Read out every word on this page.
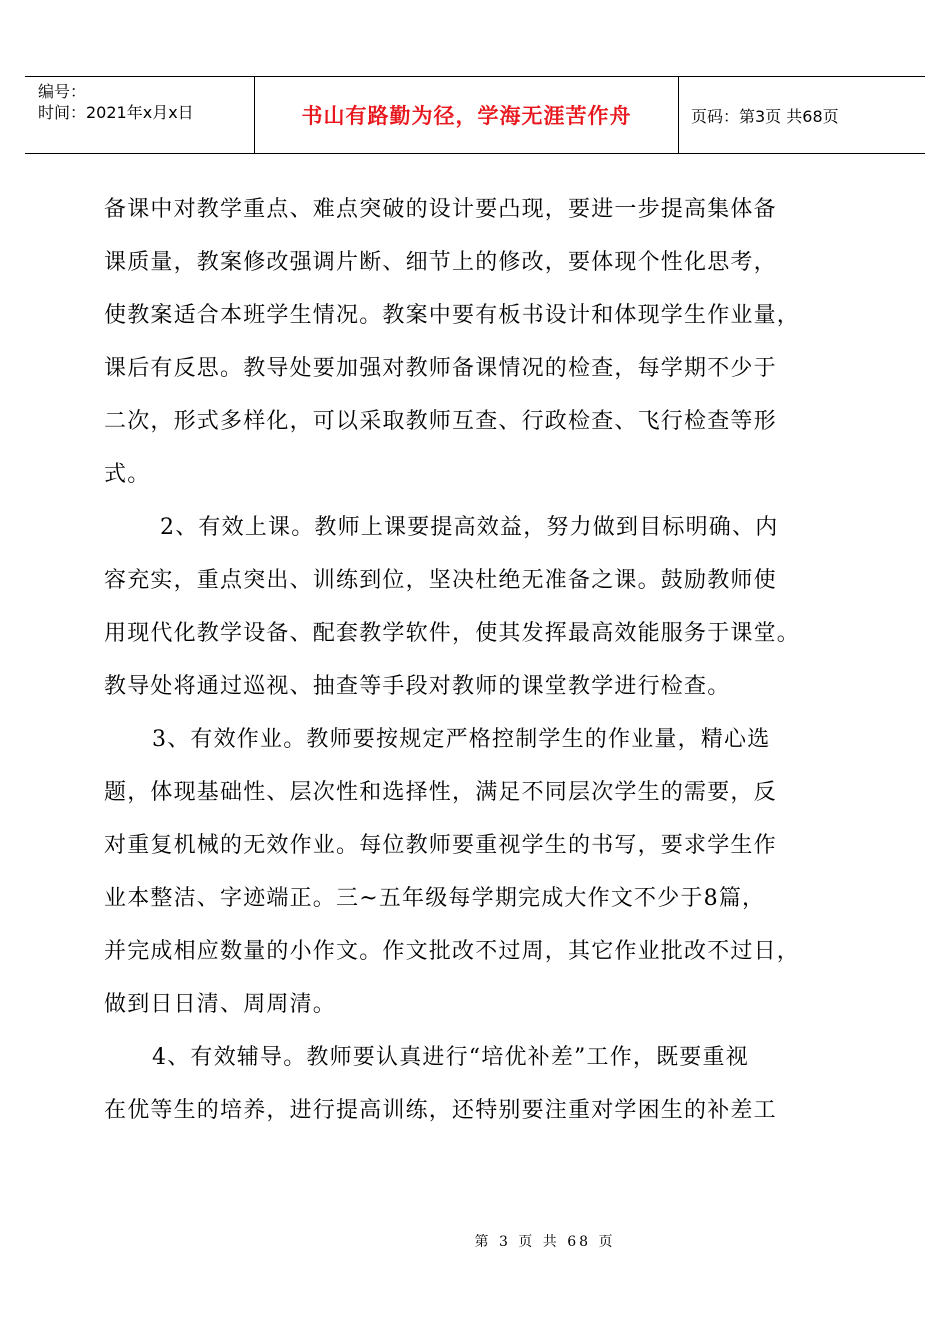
编号：
时间：2021年x月x日	书山有路勤为径，学海无涯苦作舟	页码：第3页 共68页
备课中对教学重点、难点突破的设计要凸现，要进一步提高集体备
课质量，教案修改强调片断、细节上的修改，要体现个性化思考，
使教案适合本班学生情况。教案中要有板书设计和体现学生作业量，
课后有反思。教导处要加强对教师备课情况的检查，每学期不少于
二次，形式多样化，可以采取教师互查、行政检查、飞行检查等形
式。
2、有效上课。教师上课要提高效益，努力做到目标明确、内
容充实，重点突出、训练到位，坚决杜绝无准备之课。鼓励教师使
用现代化教学设备、配套教学软件，使其发挥最高效能服务于课堂。
教导处将通过巡视、抽查等手段对教师的课堂教学进行检查。
3、有效作业。教师要按规定严格控制学生的作业量，精心选
题，体现基础性、层次性和选择性，满足不同层次学生的需要，反
对重复机械的无效作业。每位教师要重视学生的书写，要求学生作
业本整洁、字迹端正。三~五年级每学期完成大作文不少于8篇，
并完成相应数量的小作文。作文批改不过周，其它作业批改不过日，
做到日日清、周周清。
4、有效辅导。教师要认真进行“培优补差”工作，既要重视
在优等生的培养，进行提高训练，还特别要注重对学困生的补差工
第 3 页 共 68 页
